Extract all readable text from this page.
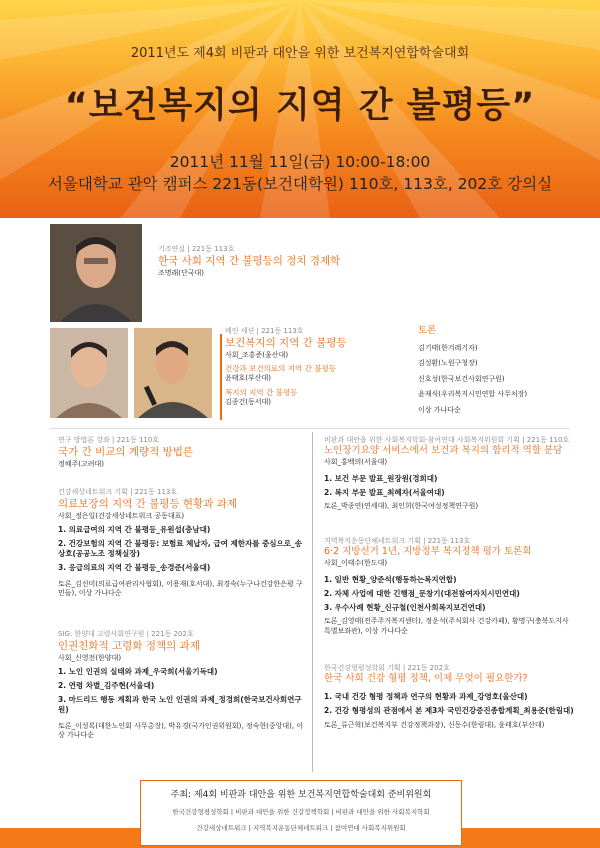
2011년도 제4회 비판과 대안을 위한 보건복지연합학술대회
“보건복지의 지역 간 불평등”
2011년 11월 11일(금) 10:00-18:00
서울대학교 관악 캠퍼스 221동(보건대학원) 110호, 113호, 202호 강의실
기조연설 | 221동 113호
한국 사회 지역 간 불평등의 정치 경제학
조명래(단국대)
메인 세션 | 221동 113호
보건복지의 지역 간 불평등
사회_조흥준(울산대)
건강과 보건의료의 지역 간 불평등
윤태호(부산대)
복지의 지역 간 불평등
김종건(동서대)
토론
김기태(한겨레기자)
김성환(노원구청장)
신호성(한국보건사회연구원)
윤재식(우리복지시민연합 사무처장)
이상 가나다순
연구 방법론 강좌 | 221동 110호
국가 간 비교의 계량적 방법론
정혜주(고려대)
건강세상네트워크 기획 | 221동 113호
의료보장의 지역 간 불평등 현황과 과제
사회_정은일(건강세상네트워크 공동대표)
1. 의료급여의 지역 간 불평등_유원섭(충남대)
2. 건강보험의 지역 간 불평등: 보험료 체납자, 급여 제한자를 중심으로_송상호(공공노조 정책실장)
3. 응급의료의 지역 간 불평등_송경준(서울대)
토론_김선미(의료급여관리사협회), 이용재(호서대), 최경숙(누구나건강한은평 구민들), 이상 가나다순
SIG: 한양대 고령사회연구원 | 221동 202호
인권친화적 고령화 정책의 과제
사회_신영전(한양대)
1. 노인 인권의 실태와 과제_우국희(서울기독대)
2. 연령 차별_김주현(서울대)
3. 마드리드 행동 계획과 한국 노인 인권의 과제_정경희(한국보건사회연구원)
토론_이성록(대한노인회 사무총장), 박유경(국가인권위원회), 정숙현(중앙대), 이상 가나다순
비판과 대안을 위한 사회복지학회·참여연대 사회복지위원회 기획 | 221동 110호
노인장기요양 서비스에서 보건과 복지의 합리적 역할 분담
사회_홍백의(서울대)
1. 보건 부문 발표_원장원(경희대)
2. 복지 부문 발표_최혜자(서울여대)
토론_박종연(연세대), 최인희(한국여성정책연구원)
지역복지운동단체네트워크 기획 | 221동 113호
6·2 지방선거 1년, 지방정부 복지정책 평가 토론회
사회_이태수(한도대)
1. 일반 현황_양준석(행동하는복지연합)
2. 자체 사업에 대한 긴행점_문창기(대전참여자치시민연대)
3. 우수사례 현황_신규철(인천사회복지보건연대)
토론_김영태(전주주거복지센터), 정운석(주식회사 건강카페), 황명구(충북도지사 특별보좌관), 이상 가나다순
한국건강형평성학회 기획 | 221동 202호
한국 사회 건강 형평 정책, 이제 무엇이 필요한가?
1. 국내 건강 형평 정책과 연구의 현황과 과제_강영호(울산대)
2. 건강 형평성의 관점에서 본 제3차 국민건강증진종합계획_최용준(한림대)
토론_류근혁(보건복지부 건강정책과장), 신동수(한림대), 윤태호(부산대)
주최: 제4회 비판과 대안을 위한 보건복지연합학술대회 준비위원회
한국건강형평성학회 | 비판과 대안을 위한 건강정책학회 | 비판과 대안을 위한 사회복지학회
건강세상네트워크 | 지역복지운동단체네트워크 | 참여연대 사회복지위원회
